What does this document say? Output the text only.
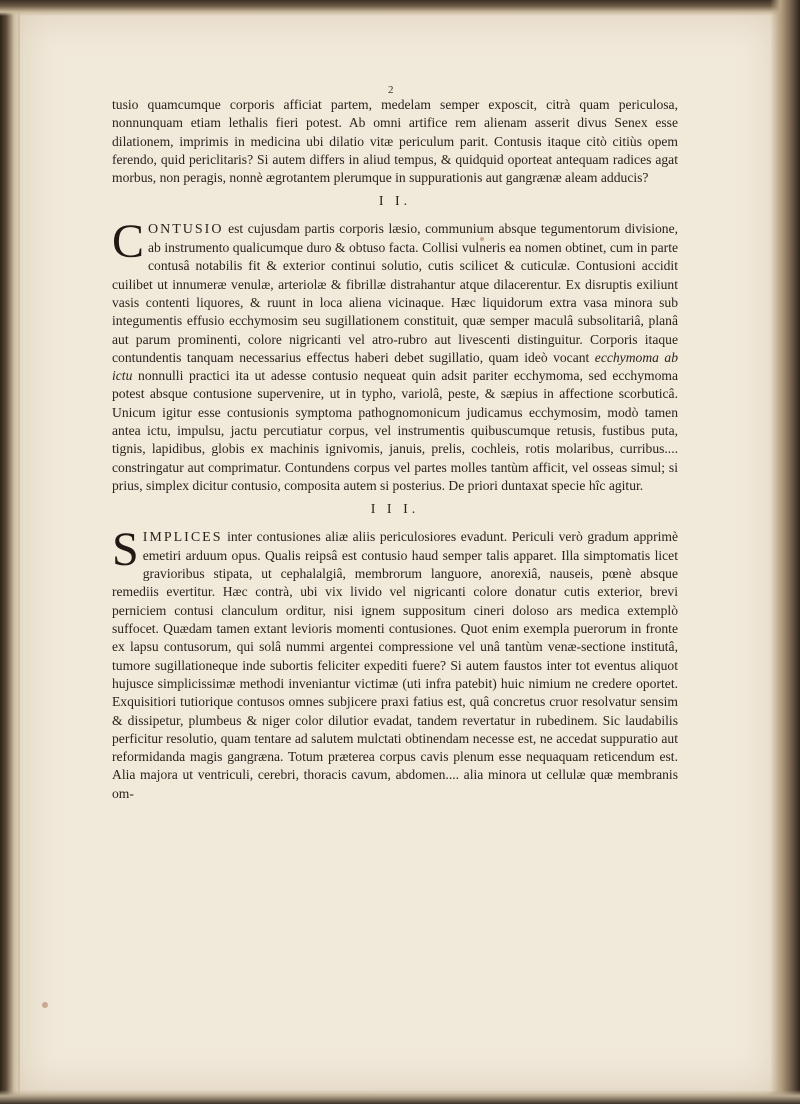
2

tusio quamcumque corporis afficiat partem, medelam semper exposcit, citrà quam periculosa, nonnunquam etiam lethalis fieri potest. Ab omni artifice rem alienam asserit divus Senex esse dilationem, imprimis in medicina ubi dilatio vitæ periculum parit. Contusis itaque citò citiùs opem ferendo, quid periclitaris? Si autem differs in aliud tempus, & quidquid oporteat antequam radices agat morbus, non peragis, nonnè ægrotantem plerumque in suppurationis aut gangrænæ aleam adducis?

I I.

CONTUSIO est cujusdam partis corporis læsio, communium absque tegumentorum divisione, ab instrumento qualicumque duro & obtuso facta. Collisi vulneris ea nomen obtinet, cum in parte contusâ notabilis fit & exterior continui solutio, cutis scilicet & cuticulæ. Contusioni accidit cuilibet ut innumeræ venulæ, arteriolæ & fibrillæ distrahantur atque dilacerentur. Ex disruptis exiliunt vasis contenti liquores, & ruunt in loca aliena vicinaque. Hæc liquidorum extra vasa minora sub integumentis effusio ecchymosim seu sugillationem constituit, quæ semper maculâ subsolitariâ, planâ aut parum prominenti, colore nigricanti vel atro-rubro aut livescenti distinguitur. Corporis itaque contundentis tanquam necessarius effectus haberi debet sugillatio, quam ideò vocant ecchymoma ab ictu nonnulli practici ita ut adesse contusio nequeat quin adsit pariter ecchymoma, sed ecchymoma potest absque contusione supervenire, ut in typho, variolâ, peste, & sæpius in affectione scorbuticâ. Unicum igitur esse contusionis symptoma pathognomonicum judicamus ecchymosim, modò tamen antea ictu, impulsu, jactu percutiatur corpus, vel instrumentis quibuscumque retusis, fustibus puta, tignis, lapidibus, globis ex machinis ignivomis, januis, prelis, cochleis, rotis molaribus, curribus.... constringatur aut comprimatur. Contundens corpus vel partes molles tantùm afficit, vel osseas simul; si prius, simplex dicitur contusio, composita autem si posterius. De priori duntaxat specie hîc agitur.

I I I.

SIMPLICES inter contusiones aliæ aliis periculosiores evadunt. Periculi verò gradum apprimè emetiri arduum opus. Qualis reipsâ est contusio haud semper talis apparet. Illa simptomatis licet gravioribus stipata, ut cephalalgiâ, membrorum languore, anorexiâ, nauseis, pœnè absque remediis evertitur. Hæc contrà, ubi vix livido vel nigricanti colore donatur cutis exterior, brevi perniciem contusi clanculum orditur, nisi ignem suppositum cineri doloso ars medica extemplò suffocet. Quædam tamen extant levioris momenti contusiones. Quot enim exempla puerorum in fronte ex lapsu contusorum, qui solâ nummi argentei compressione vel unâ tantùm venæ-sectione institutâ, tumore sugillationeque inde subortis feliciter expediti fuere? Si autem faustos inter tot eventus aliquot hujusce simplicissimæ methodi inveniantur victimæ (uti infra patebit) huic nimium ne credere oportet. Exquisitiori tutiorique contusos omnes subjicere praxi fatius est, quâ concretus cruor resolvatur sensim & dissipetur, plumbeus & niger color dilutior evadat, tandem revertatur in rubedinem. Sic laudabilis perficitur resolutio, quam tentare ad salutem mulctati obtinendam necesse est, ne accedat suppuratio aut reformidanda magis gangræna. Totum præterea corpus cavis plenum esse nequaquam reticendum est. Alia majora ut ventriculi, cerebri, thoracis cavum, abdomen.... alia minora ut cellulæ quæ membranis om-
